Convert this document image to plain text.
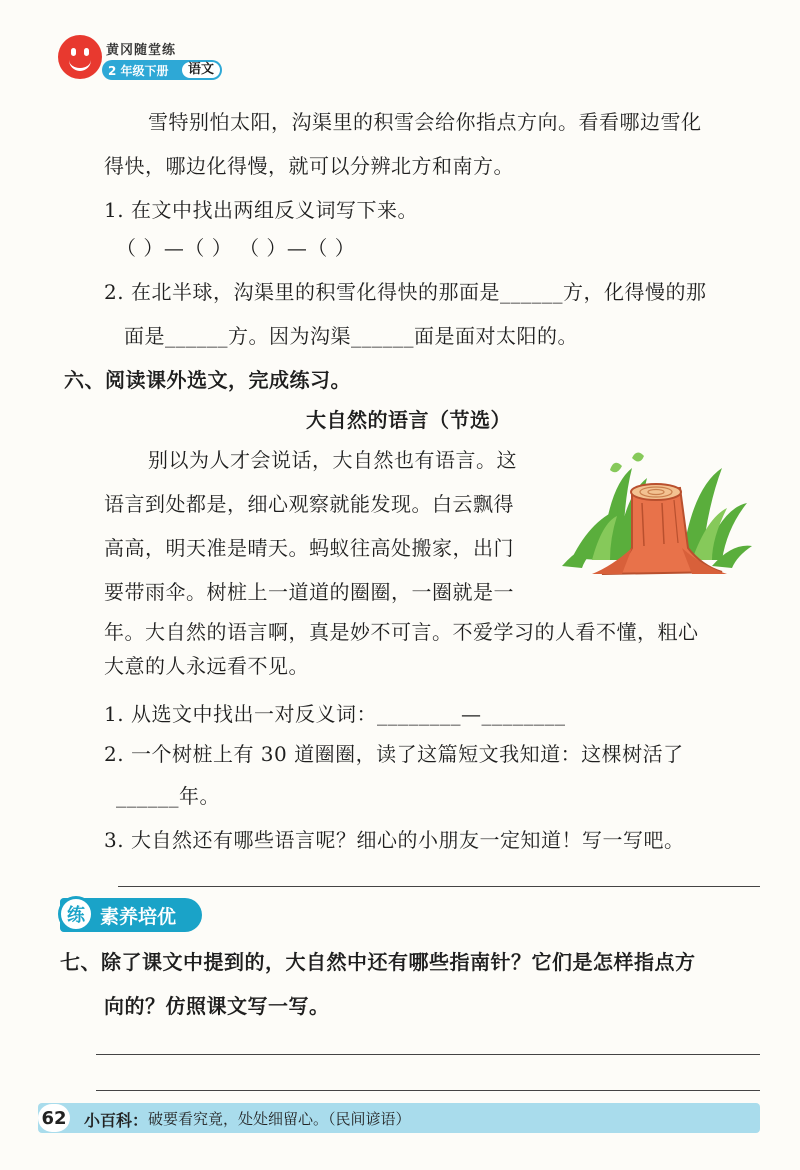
黄冈随堂练
2 年级下册	语文
雪特别怕太阳，沟渠里的积雪会给你指点方向。看看哪边雪化
得快，哪边化得慢，就可以分辨北方和南方。
1. 在文中找出两组反义词写下来。
（ ）—（ ） （ ）—（ ）
2. 在北半球，沟渠里的积雪化得快的那面是______方，化得慢的那
面是______方。因为沟渠______面是面对太阳的。
六、阅读课外选文，完成练习。
大自然的语言（节选）
别以为人才会说话，大自然也有语言。这
语言到处都是，细心观察就能发现。白云飘得
高高，明天准是晴天。蚂蚁往高处搬家，出门
要带雨伞。树桩上一道道的圈圈，一圈就是一
年。大自然的语言啊，真是妙不可言。不爱学习的人看不懂，粗心
大意的人永远看不见。
1. 从选文中找出一对反义词：________—________
2. 一个树桩上有 30 道圈圈，读了这篇短文我知道：这棵树活了
______年。
3. 大自然还有哪些语言呢？细心的小朋友一定知道！写一写吧。
练 素养培优
七、除了课文中提到的，大自然中还有哪些指南针？它们是怎样指点方
向的？仿照课文写一写。
62 小百科： 破要看究竟，处处细留心。（民间谚语）
